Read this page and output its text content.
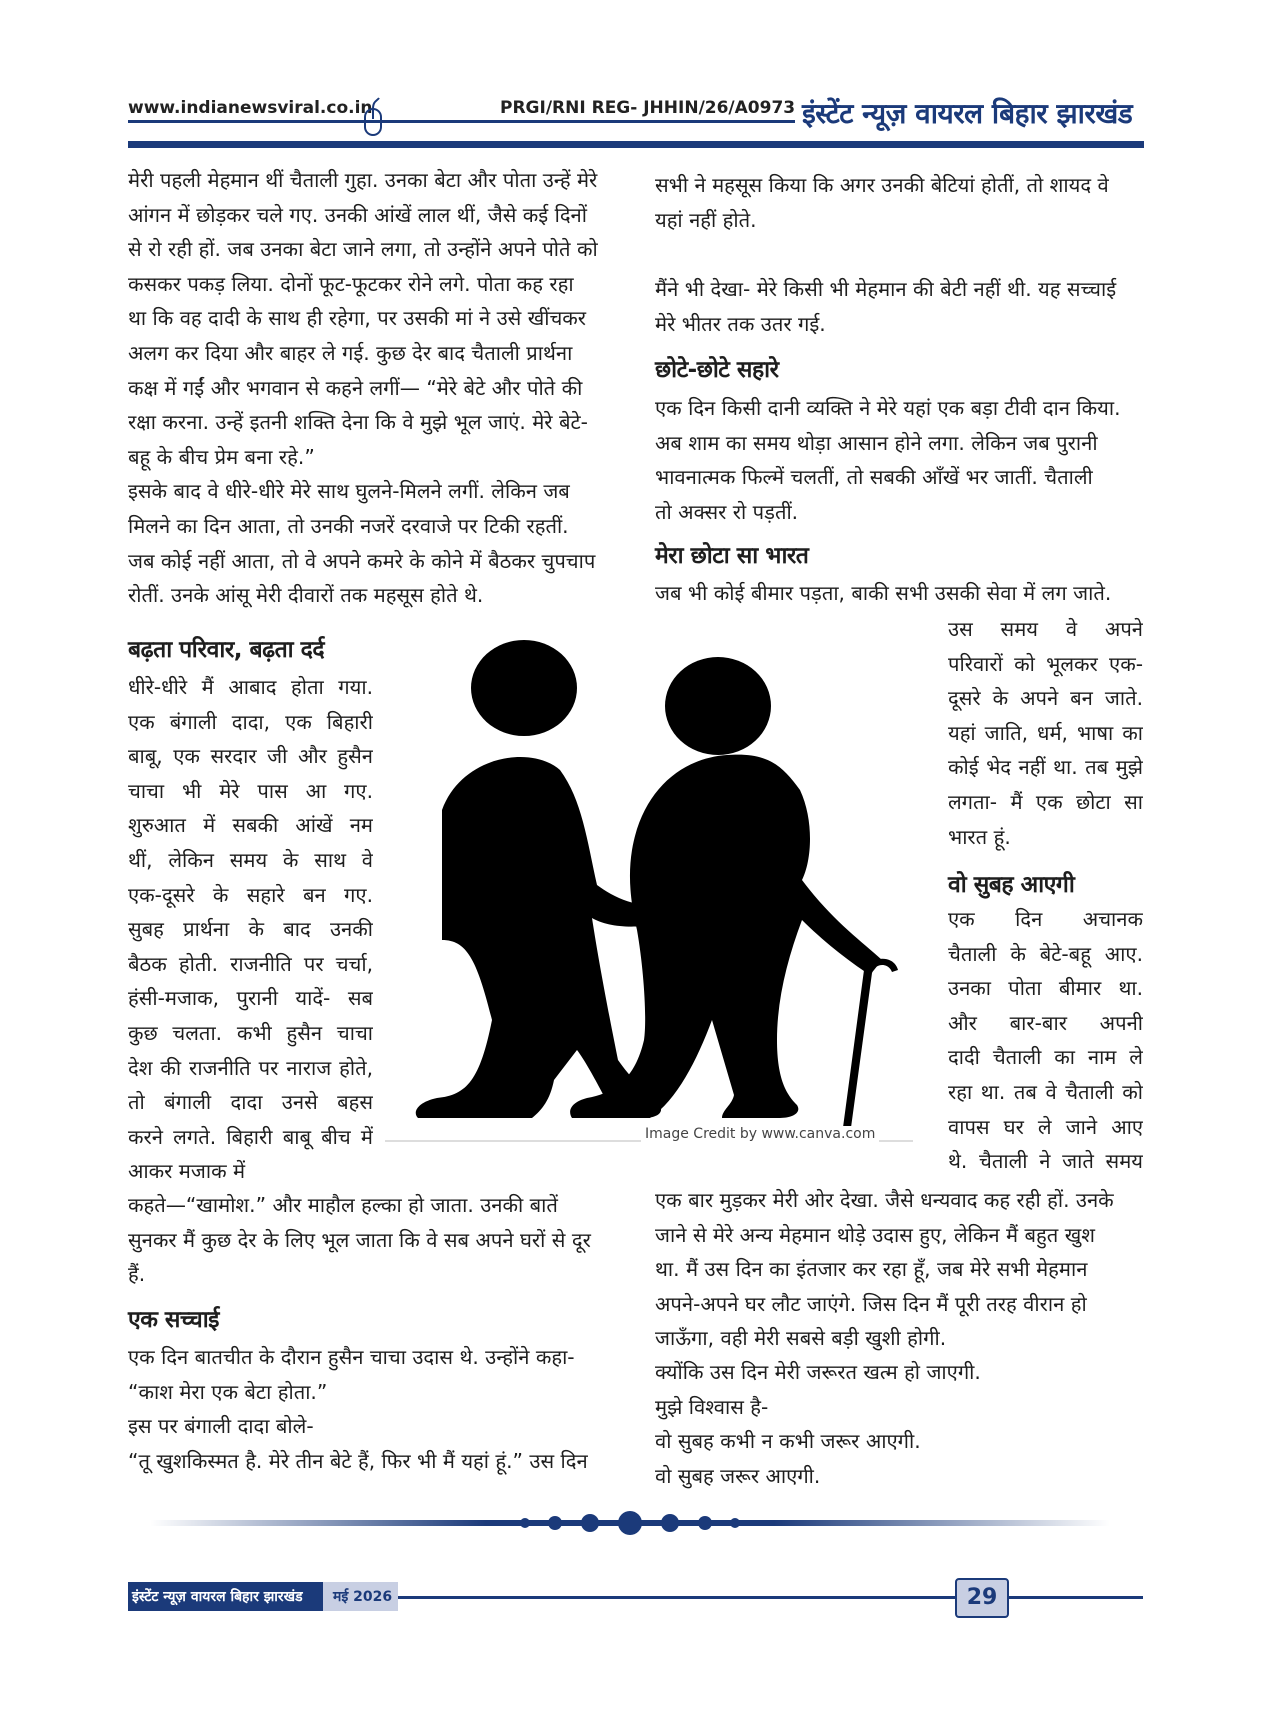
www.indianewsviral.co.in	PRGI/RNI REG- JHHIN/26/A0973 इंस्टेंट न्यूज़ वायरल बिहार झारखंड

मेरी पहली मेहमान थीं चैताली गुहा. उनका बेटा और पोता उन्हें मेरे

आंगन में छोड़कर चले गए. उनकी आंखें लाल थीं, जैसे कई दिनों

से रो रही हों. जब उनका बेटा जाने लगा, तो उन्होंने अपने पोते को

कसकर पकड़ लिया. दोनों फूट-फूटकर रोने लगे. पोता कह रहा

था कि वह दादी के साथ ही रहेगा, पर उसकी मां ने उसे खींचकर

अलग कर दिया और बाहर ले गई. कुछ देर बाद चैताली प्रार्थना

कक्ष में गईं और भगवान से कहने लगीं— “मेरे बेटे और पोते की

रक्षा करना. उन्हें इतनी शक्ति देना कि वे मुझे भूल जाएं. मेरे बेटे-

बहू के बीच प्रेम बना रहे.”

इसके बाद वे धीरे-धीरे मेरे साथ घुलने-मिलने लगीं. लेकिन जब

मिलने का दिन आता, तो उनकी नजरें दरवाजे पर टिकी रहतीं.

जब कोई नहीं आता, तो वे अपने कमरे के कोने में बैठकर चुपचाप

रोतीं. उनके आंसू मेरी दीवारों तक महसूस होते थे.

बढ़ता परिवार, बढ़ता दर्द

धीरे-धीरे मैं आबाद होता गया.

एक बंगाली दादा, एक बिहारी

बाबू, एक सरदार जी और हुसैन

चाचा भी मेरे पास आ गए.

शुरुआत में सबकी आंखें नम

थीं, लेकिन समय के साथ वे

एक-दूसरे के सहारे बन गए.

सुबह प्रार्थना के बाद उनकी

बैठक होती. राजनीति पर चर्चा,

हंसी-मजाक, पुरानी यादें- सब

कुछ चलता. कभी हुसैन चाचा

देश की राजनीति पर नाराज होते,

तो बंगाली दादा उनसे बहस

करने लगते. बिहारी बाबू बीच में

आकर मजाक में

कहते—“खामोश.” और माहौल हल्का हो जाता. उनकी बातें

सुनकर मैं कुछ देर के लिए भूल जाता कि वे सब अपने घरों से दूर

हैं.

एक सच्चाई

एक दिन बातचीत के दौरान हुसैन चाचा उदास थे. उन्होंने कहा-

“काश मेरा एक बेटा होता.”

इस पर बंगाली दादा बोले-

“तू खुशकिस्मत है. मेरे तीन बेटे हैं, फिर भी मैं यहां हूं.” उस दिन

सभी ने महसूस किया कि अगर उनकी बेटियां होतीं, तो शायद वे

यहां नहीं होते.

मैंने भी देखा- मेरे किसी भी मेहमान की बेटी नहीं थी. यह सच्चाई

मेरे भीतर तक उतर गई.

छोटे-छोटे सहारे

एक दिन किसी दानी व्यक्ति ने मेरे यहां एक बड़ा टीवी दान किया.

अब शाम का समय थोड़ा आसान होने लगा. लेकिन जब पुरानी

भावनात्मक फिल्में चलतीं, तो सबकी आँखें भर जातीं. चैताली

तो अक्सर रो पड़तीं.

मेरा छोटा सा भारत
जब भी कोई बीमार पड़ता, बाकी सभी उसकी सेवा में लग जाते.

उस समय वे अपने

परिवारों को भूलकर एक-

दूसरे के अपने बन जाते.

यहां जाति, धर्म, भाषा का

कोई भेद नहीं था. तब मुझे

लगता- मैं एक छोटा सा

भारत हूं.

वो सुबह आएगी

एक दिन अचानक

चैताली के बेटे-बहू आए.

उनका पोता बीमार था.

और बार-बार अपनी

दादी चैताली का नाम ले

रहा था. तब वे चैताली को

वापस घर ले जाने आए

थे. चैताली ने जाते समय

एक बार मुड़कर मेरी ओर देखा. जैसे धन्यवाद कह रही हों. उनके

जाने से मेरे अन्य मेहमान थोड़े उदास हुए, लेकिन मैं बहुत खुश

था. मैं उस दिन का इंतजार कर रहा हूँ, जब मेरे सभी मेहमान

अपने-अपने घर लौट जाएंगे. जिस दिन मैं पूरी तरह वीरान हो

जाऊँगा, वही मेरी सबसे बड़ी खुशी होगी.

क्योंकि उस दिन मेरी जरूरत खत्म हो जाएगी.

मुझे विश्वास है-

वो सुबह कभी न कभी जरूर आएगी.

वो सुबह जरूर आएगी.

Image Credit by www.canva.com
इंस्टेंट न्यूज़ वायरल बिहार झारखंड मई 2026	29
